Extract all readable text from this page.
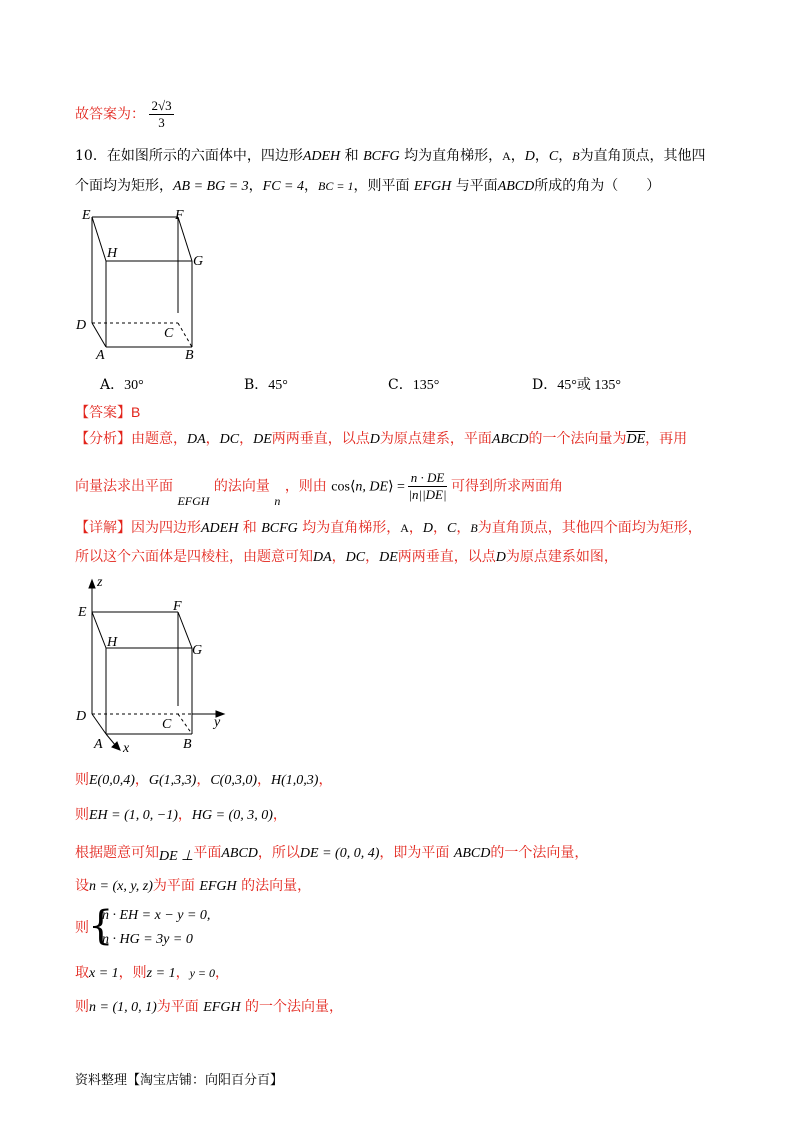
故答案为： $\frac{2√3}{3}$
10．在如图所示的六面体中，四边形ADEH 和 BCFG 均为直角梯形，A，D，C，B为直角顶点，其他四
个面均为矩形，AB = BG = 3，FC = 4，BC = 1，则平面 EFGH 与平面ABCD所成的角为（　　）
E	F
H
G
D
C
A	B
A．30°	B．45°	C．135°	D．45°或 135°
【答案】B
【分析】由题意，DA，DC，DE两两垂直，以点D为原点建系，平面ABCD的一个法向量为$\overline{DE}$，再用
向量法求出平面 EFGH 的法向量 n ，则由 cos⟨n, DE⟩ = $\frac{n \cdot DE}{|n||DE|}$ 可得到所求两面角
【详解】因为四边形ADEH 和 BCFG 均为直角梯形，A，D，C，B为直角顶点，其他四个面均为矩形，
所以这个六面体是四棱柱，由题意可知DA，DC，DE两两垂直，以点D为原点建系如图，
z
E	F
H
G
D
C	y
A x	B
则E(0,0,4)，G(1,3,3)，C(0,3,0)，H(1,0,3)，
则EH = (1, 0, −1)，HG = (0, 3, 0)，
根据题意可知DE ⊥平面ABCD，所以DE = (0, 0, 4)，即为平面 ABCD的一个法向量，
设n = (x, y, z)为平面 EFGH 的法向量，
则 {
n · EH = x − y = 0,
n · HG = 3y = 0
取x = 1，则z = 1，y = 0，
则n = (1, 0, 1)为平面 EFGH 的一个法向量，
资料整理【淘宝店铺：向阳百分百】
